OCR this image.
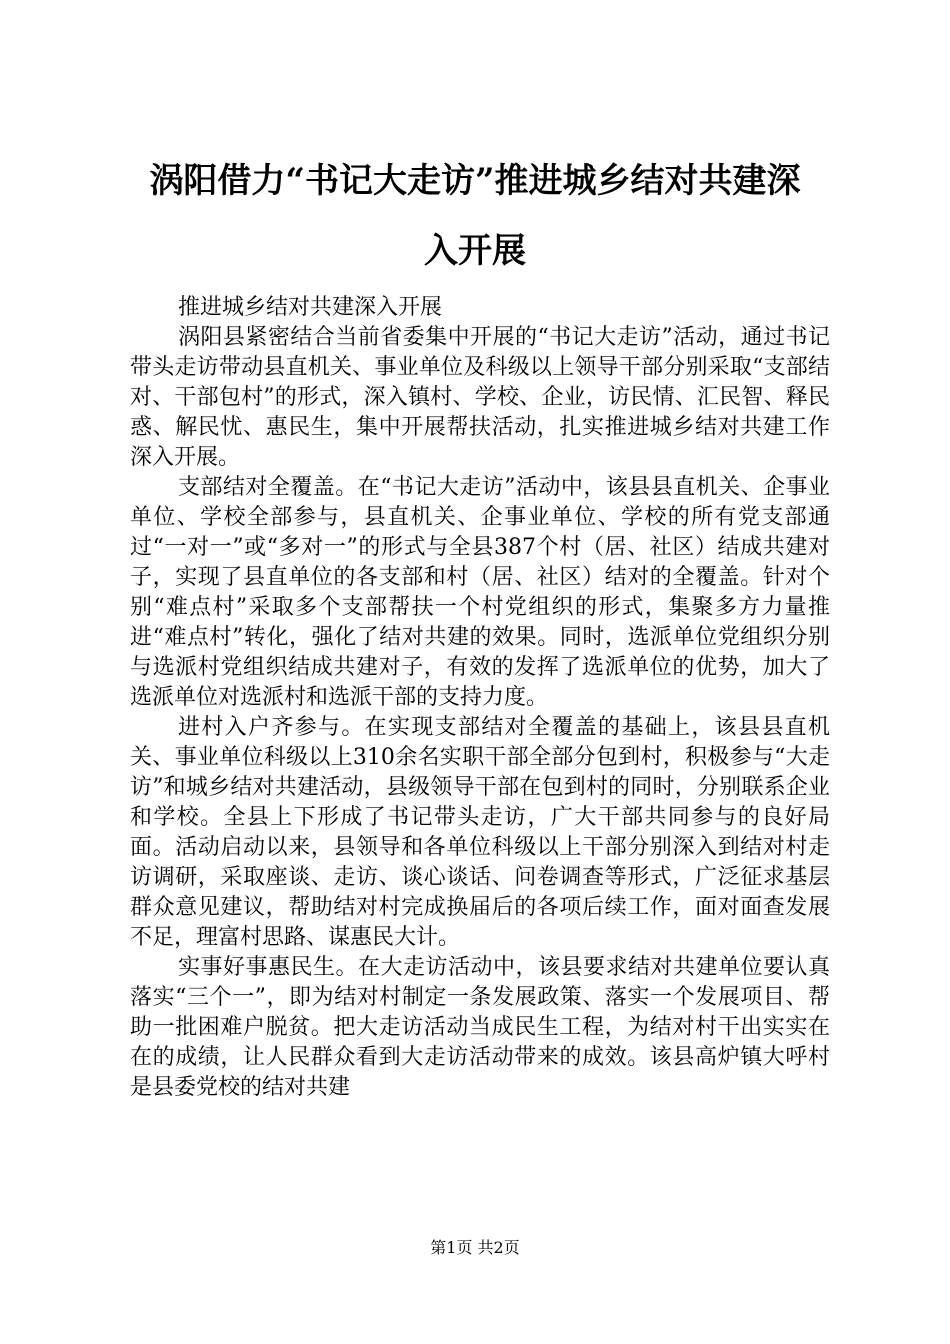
涡阳借力“书记大走访”推进城乡结对共建深
入开展

推进城乡结对共建深入开展

涡阳县紧密结合当前省委集中开展的“书记大走访”活动，通过书记带头走访带动县直机关、事业单位及科级以上领导干部分别采取“支部结对、干部包村”的形式，深入镇村、学校、企业，访民情、汇民智、释民惑、解民忧、惠民生，集中开展帮扶活动，扎实推进城乡结对共建工作深入开展。

支部结对全覆盖。在“书记大走访”活动中，该县县直机关、企事业单位、学校全部参与，县直机关、企事业单位、学校的所有党支部通过“一对一”或“多对一”的形式与全县387个村（居、社区）结成共建对子，实现了县直单位的各支部和村（居、社区）结对的全覆盖。针对个别“难点村”采取多个支部帮扶一个村党组织的形式，集聚多方力量推进“难点村”转化，强化了结对共建的效果。同时，选派单位党组织分别与选派村党组织结成共建对子，有效的发挥了选派单位的优势，加大了选派单位对选派村和选派干部的支持力度。

进村入户齐参与。在实现支部结对全覆盖的基础上，该县县直机关、事业单位科级以上310余名实职干部全部分包到村，积极参与“大走访”和城乡结对共建活动，县级领导干部在包到村的同时，分别联系企业和学校。全县上下形成了书记带头走访，广大干部共同参与的良好局面。活动启动以来，县领导和各单位科级以上干部分别深入到结对村走访调研，采取座谈、走访、谈心谈话、问卷调查等形式，广泛征求基层群众意见建议，帮助结对村完成换届后的各项后续工作，面对面查发展不足，理富村思路、谋惠民大计。

实事好事惠民生。在大走访活动中，该县要求结对共建单位要认真落实“三个一”，即为结对村制定一条发展政策、落实一个发展项目、帮助一批困难户脱贫。把大走访活动当成民生工程，为结对村干出实实在在的成绩，让人民群众看到大走访活动带来的成效。该县高炉镇大呼村是县委党校的结对共建

第1页 共2页
